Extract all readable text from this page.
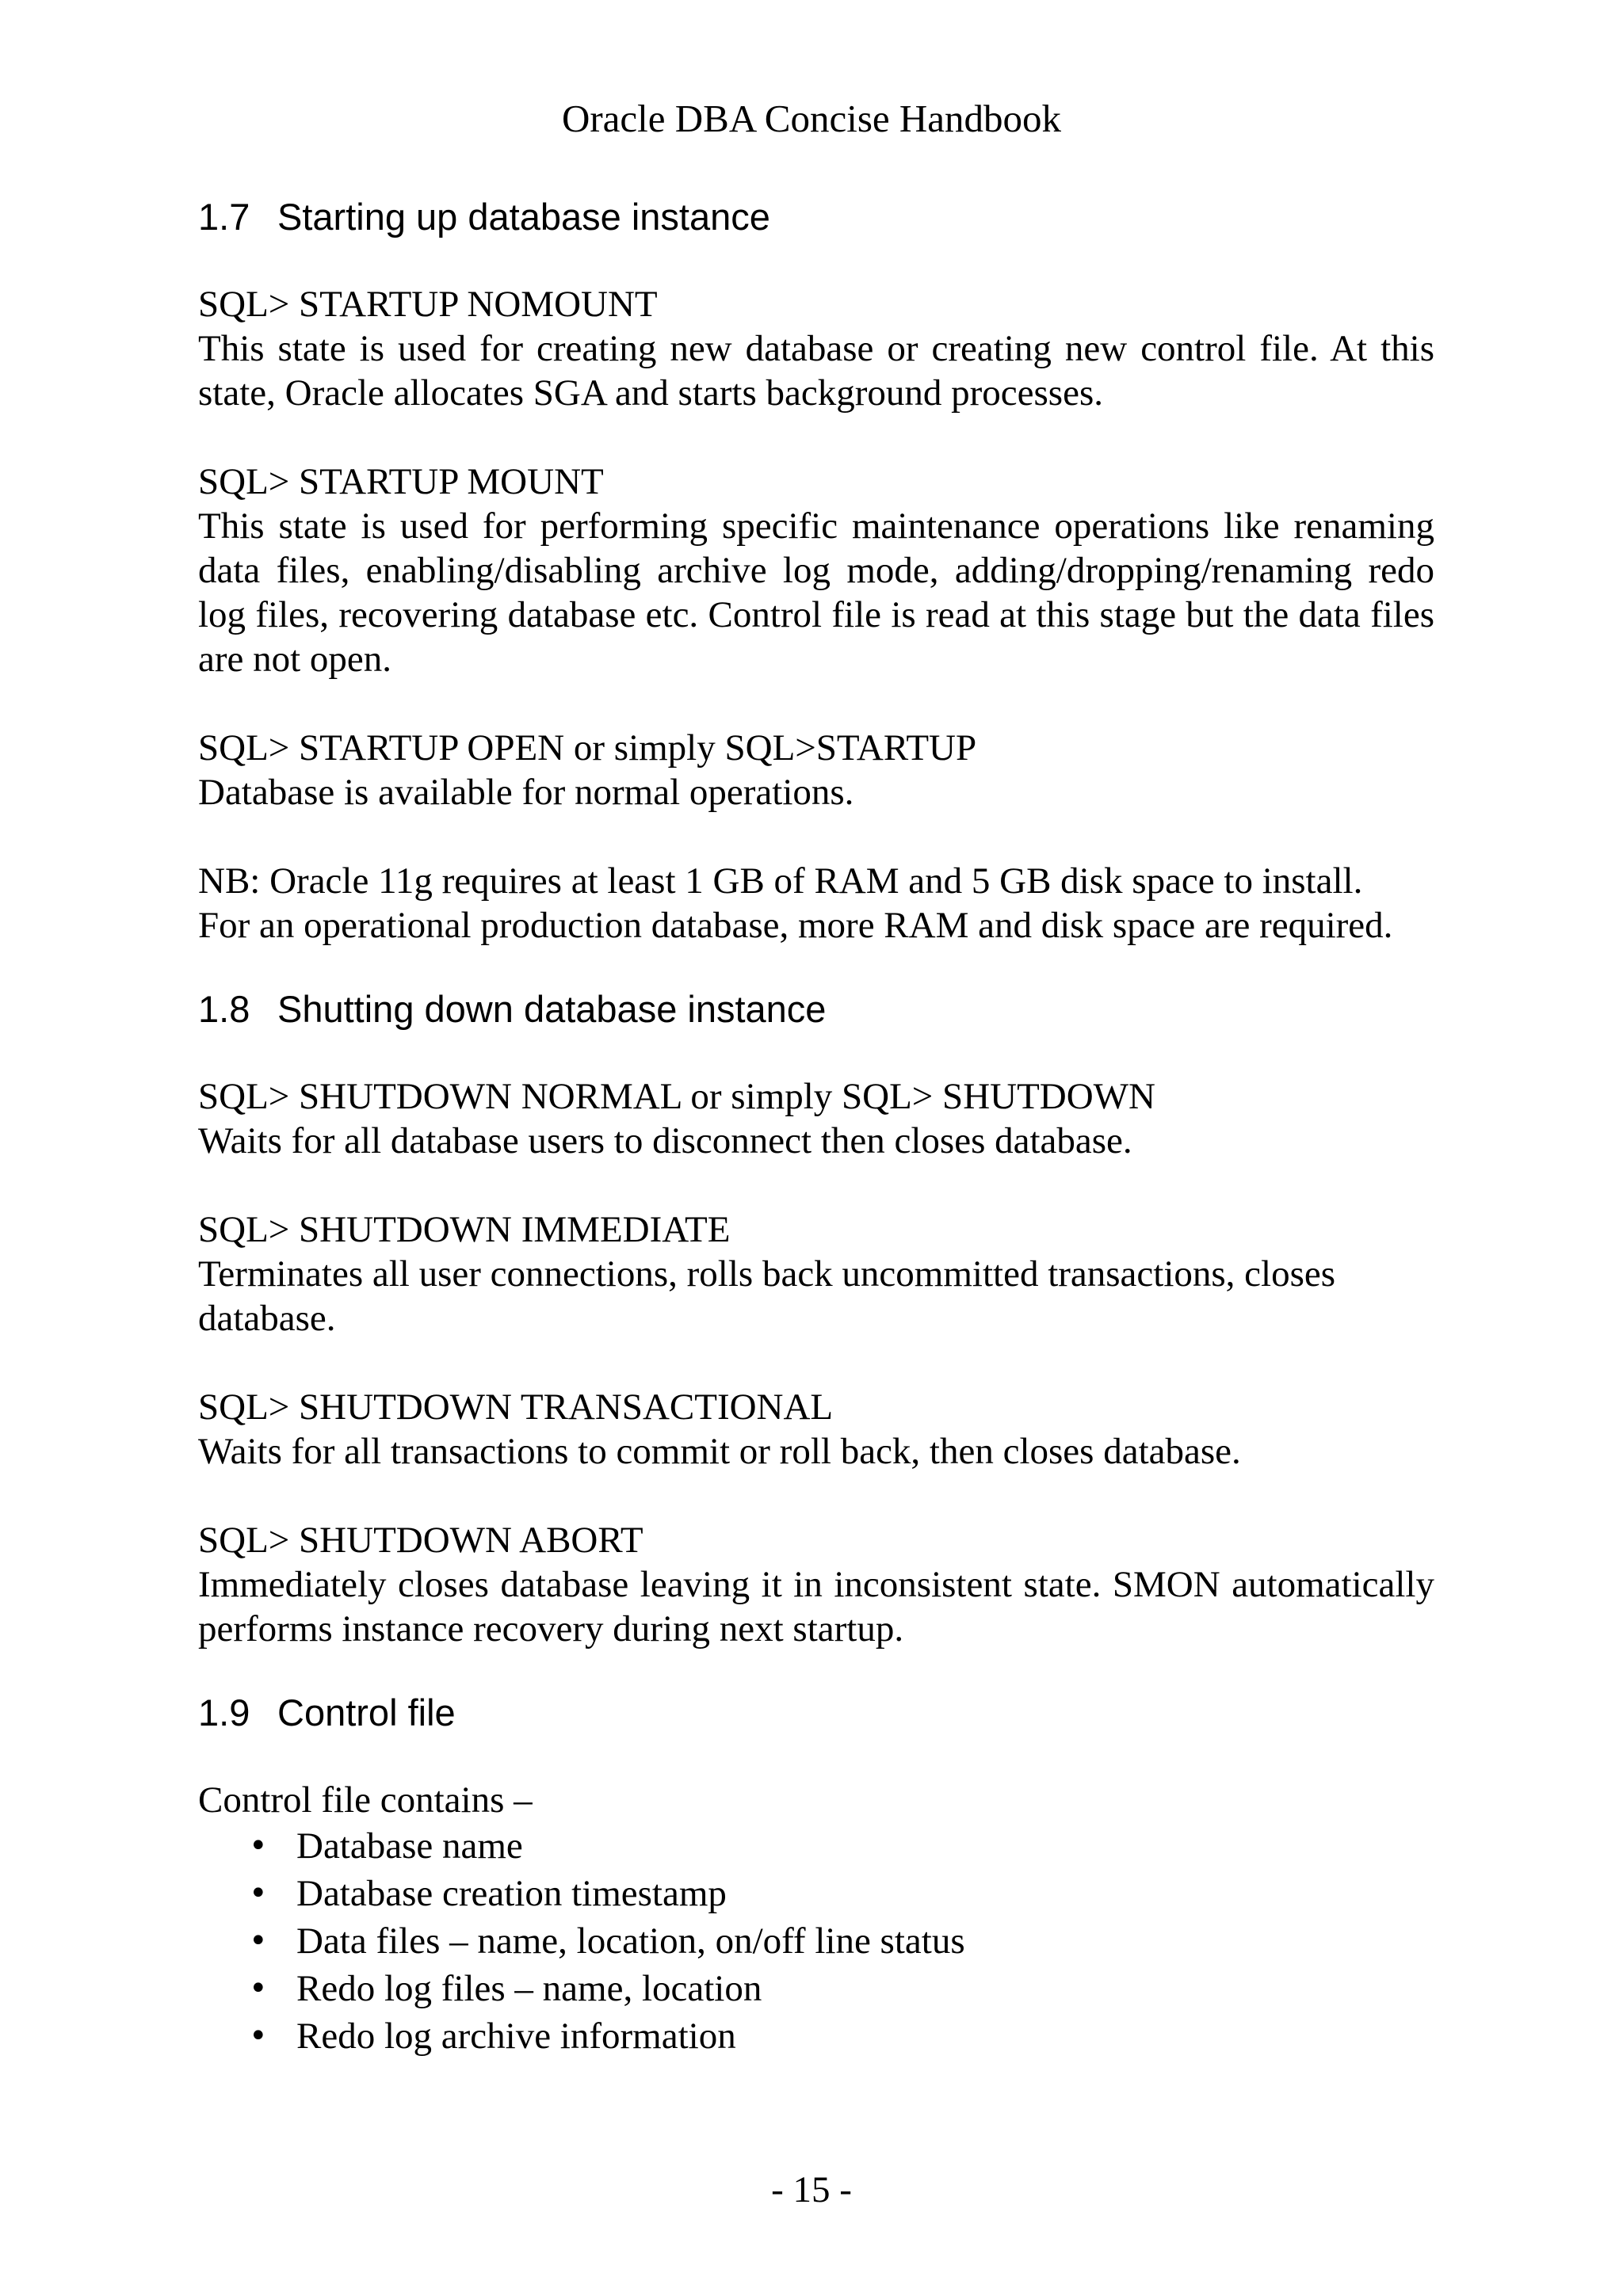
Oracle DBA Concise Handbook
1.7 Starting up database instance
SQL> STARTUP NOMOUNT
This state is used for creating new database or creating new control file. At this state, Oracle allocates SGA and starts background processes.
SQL> STARTUP MOUNT
This state is used for performing specific maintenance operations like renaming data files, enabling/disabling archive log mode, adding/dropping/renaming redo log files, recovering database etc. Control file is read at this stage but the data files are not open.
SQL> STARTUP OPEN or simply SQL>STARTUP
Database is available for normal operations.
NB: Oracle 11g requires at least 1 GB of RAM and 5 GB disk space to install.
For an operational production database, more RAM and disk space are required.
1.8 Shutting down database instance
SQL> SHUTDOWN NORMAL or simply SQL> SHUTDOWN
Waits for all database users to disconnect then closes database.
SQL> SHUTDOWN IMMEDIATE
Terminates all user connections, rolls back uncommitted transactions, closes database.
SQL> SHUTDOWN TRANSACTIONAL
Waits for all transactions to commit or roll back, then closes database.
SQL> SHUTDOWN ABORT
Immediately closes database leaving it in inconsistent state. SMON automatically performs instance recovery during next startup.
1.9 Control file

Control file contains –

• Database name
• Database creation timestamp
• Data files – name, location, on/off line status
• Redo log files – name, location
• Redo log archive information
- 15 -
